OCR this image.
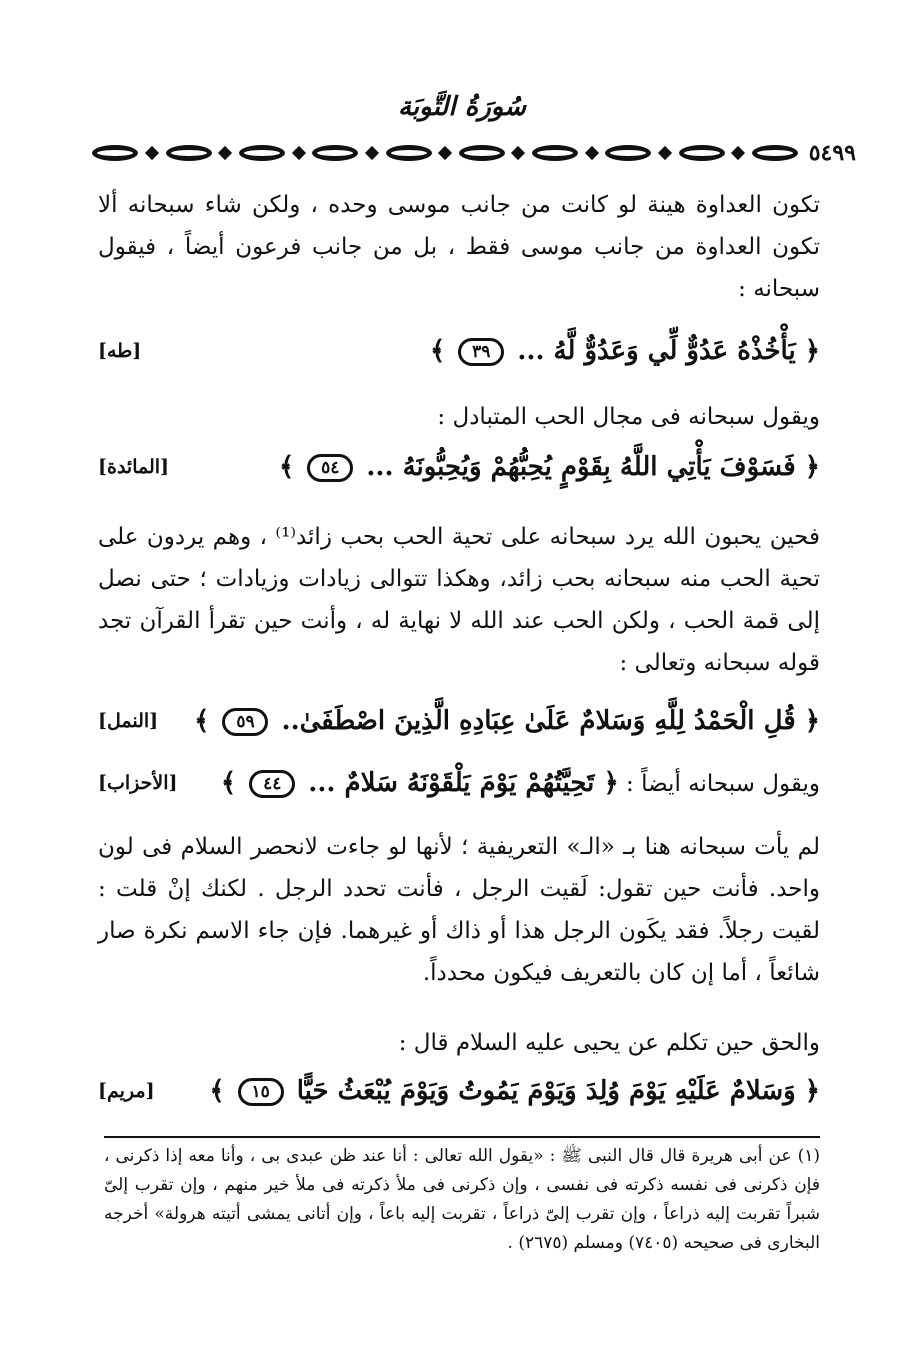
سُورَةُ التَّوبَة
٥٤٩٩

تكون العداوة هينة لو كانت من جانب موسى وحده ، ولكن شاء سبحانه ألا تكون العداوة من جانب موسى فقط ، بل من جانب فرعون أيضاً ، فيقول سبحانه :

﴿ يَأْخُذْهُ عَدُوٌّ لِّي وَعَدُوٌّ لَّهُ ... ٣٩ ﴾
[طه]

ويقول سبحانه فى مجال الحب المتبادل :

﴿ فَسَوْفَ يَأْتِي اللَّهُ بِقَوْمٍ يُحِبُّهُمْ وَيُحِبُّونَهُ ... ٥٤ ﴾
[المائدة]

فحين يحبون الله يرد سبحانه على تحية الحب بحب زائد⁽¹⁾ ، وهم يردون على تحية الحب منه سبحانه بحب زائد، وهكذا تتوالى زيادات وزيادات ؛ حتى نصل إلى قمة الحب ، ولكن الحب عند الله لا نهاية له ، وأنت حين تقرأ القرآن تجد قوله سبحانه وتعالى :

﴿ قُلِ الْحَمْدُ لِلَّهِ وَسَلامٌ عَلَىٰ عِبَادِهِ الَّذِينَ اصْطَفَىٰ.. ٥٩ ﴾
[النمل]
ويقول سبحانه أيضاً : ﴿ تَحِيَّتُهُمْ يَوْمَ يَلْقَوْنَهُ سَلامٌ ... ٤٤ ﴾
[الأحزاب]

لم يأت سبحانه هنا بـ «الـ» التعريفية ؛ لأنها لو جاءت لانحصر السلام فى لون واحد. فأنت حين تقول: لَقيت الرجل ، فأنت تحدد الرجل . لكنك إنْ قلت : لقيت رجلاً. فقد يكَون الرجل هذا أو ذاك أو غيرهما. فإن جاء الاسم نكرة صار شائعاً ، أما إن كان بالتعريف فيكون محدداً.

والحق حين تكلم عن يحيى عليه السلام قال :

﴿ وَسَلامٌ عَلَيْهِ يَوْمَ وُلِدَ وَيَوْمَ يَمُوتُ وَيَوْمَ يُبْعَثُ حَيًّا ١٥ ﴾
[مريم]
(١) عن أبى هريرة قال قال النبى ﷺ : «يقول الله تعالى : أنا عند ظن عبدى بى ، وأنا معه إذا ذكرنى ، فإن ذكرنى فى نفسه ذكرته فى نفسى ، وإن ذكرنى فى ملأ ذكرته فى ملأ خير منهم ، وإن تقرب إلىّ شبراً تقربت إليه ذراعاً ، وإن تقرب إلىّ ذراعاً ، تقربت إليه باعاً ، وإن أتانى يمشى أتيته هرولة» أخرجه البخارى فى صحيحه (٧٤٠٥) ومسلم (٢٦٧٥) .
